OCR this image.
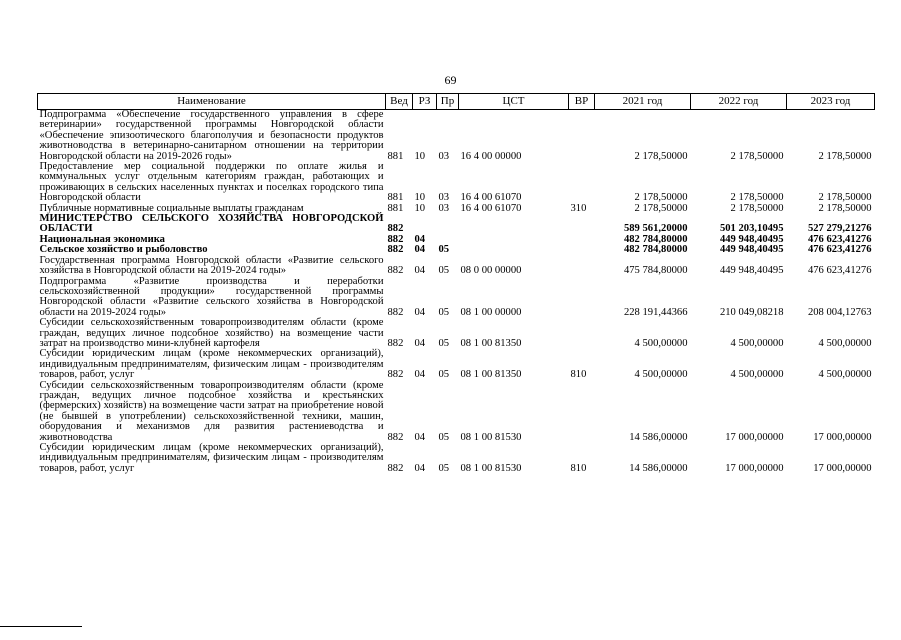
69
Наименование	Вед	РЗ	Пр	ЦСТ	ВР	2021 год	2022 год	2023 год
Подпрограмма «Обеспечение государственного управления в сфере ветеринарии» государственной программы Новгородской области «Обеспечение эпизоотического благополучия и безопасности продуктов животноводства в ветеринарно-санитарном отношении на территории Новгородской области на 2019-2026 годы»	881	10	03	16 4 00 00000		2 178,50000	2 178,50000	2 178,50000
Предоставление мер социальной поддержки по оплате жилья и коммунальных услуг отдельным категориям граждан, работающих и проживающих в сельских населенных пунктах и поселках городского типа Новгородской области	881	10	03	16 4 00 61070		2 178,50000	2 178,50000	2 178,50000
Публичные нормативные социальные выплаты гражданам	881	10	03	16 4 00 61070	310	2 178,50000	2 178,50000	2 178,50000
МИНИСТЕРСТВО СЕЛЬСКОГО ХОЗЯЙСТВА НОВГОРОДСКОЙ ОБЛАСТИ	882					589 561,20000	501 203,10495	527 279,21276
Национальная экономика	882	04				482 784,80000	449 948,40495	476 623,41276
Сельское хозяйство и рыболовство	882	04	05			482 784,80000	449 948,40495	476 623,41276
Государственная программа Новгородской области «Развитие сельского хозяйства в Новгородской области на 2019-2024 годы»	882	04	05	08 0 00 00000		475 784,80000	449 948,40495	476 623,41276
Подпрограмма «Развитие производства и переработки сельскохозяйственной продукции» государственной программы Новгородской области «Развитие сельского хозяйства в Новгородской области на 2019-2024 годы»	882	04	05	08 1 00 00000		228 191,44366	210 049,08218	208 004,12763
Субсидии сельскохозяйственным товаропроизводителям области (кроме граждан, ведущих личное подсобное хозяйство) на возмещение части затрат на производство мини-клубней картофеля	882	04	05	08 1 00 81350		4 500,00000	4 500,00000	4 500,00000
Субсидии юридическим лицам (кроме некоммерческих организаций), индивидуальным предпринимателям, физическим лицам - производителям товаров, работ, услуг	882	04	05	08 1 00 81350	810	4 500,00000	4 500,00000	4 500,00000
Субсидии сельскохозяйственным товаропроизводителям области (кроме граждан, ведущих личное подсобное хозяйства и крестьянских (фермерских) хозяйств) на возмещение части затрат на приобретение новой (не бывшей в употреблении) сельскохозяйственной техники, машин, оборудования и механизмов для развития растениеводства и животноводства	882	04	05	08 1 00 81530		14 586,00000	17 000,00000	17 000,00000
Субсидии юридическим лицам (кроме некоммерческих организаций), индивидуальным предпринимателям, физическим лицам - производителям товаров, работ, услуг	882	04	05	08 1 00 81530	810	14 586,00000	17 000,00000	17 000,00000
